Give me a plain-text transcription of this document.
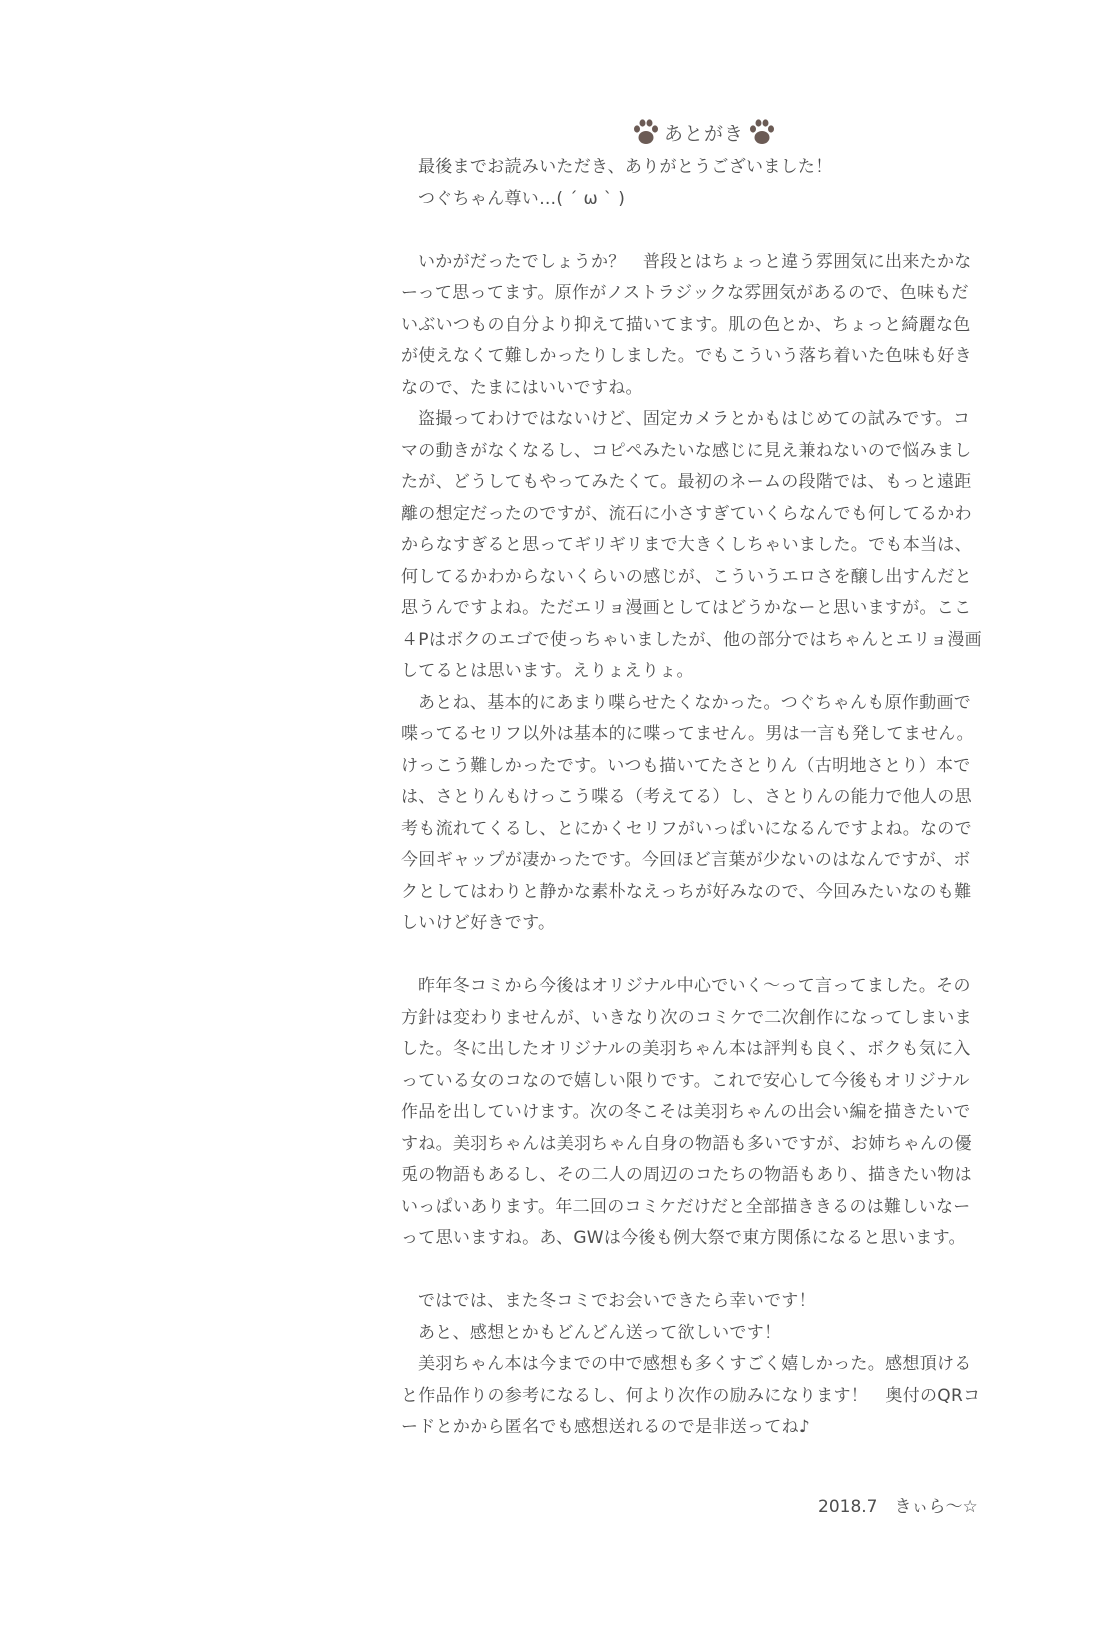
あとがき
最後までお読みいただき、ありがとうございました！
つぐちゃん尊い…( ´ ω ` )
いかがだったでしょうか？　普段とはちょっと違う雰囲気に出来たかな
ーって思ってます。原作がノストラジックな雰囲気があるので、色味もだ
いぶいつもの自分より抑えて描いてます。肌の色とか、ちょっと綺麗な色
が使えなくて難しかったりしました。でもこういう落ち着いた色味も好き
なので、たまにはいいですね。
盗撮ってわけではないけど、固定カメラとかもはじめての試みです。コ
マの動きがなくなるし、コピペみたいな感じに見え兼ねないので悩みまし
たが、どうしてもやってみたくて。最初のネームの段階では、もっと遠距
離の想定だったのですが、流石に小さすぎていくらなんでも何してるかわ
からなすぎると思ってギリギリまで大きくしちゃいました。でも本当は、
何してるかわからないくらいの感じが、こういうエロさを醸し出すんだと
思うんですよね。ただエリョ漫画としてはどうかなーと思いますが。ここ
４Pはボクのエゴで使っちゃいましたが、他の部分ではちゃんとエリョ漫画
してるとは思います。えりょえりょ。
あとね、基本的にあまり喋らせたくなかった。つぐちゃんも原作動画で
喋ってるセリフ以外は基本的に喋ってません。男は一言も発してません。
けっこう難しかったです。いつも描いてたさとりん（古明地さとり）本で
は、さとりんもけっこう喋る（考えてる）し、さとりんの能力で他人の思
考も流れてくるし、とにかくセリフがいっぱいになるんですよね。なので
今回ギャップが凄かったです。今回ほど言葉が少ないのはなんですが、ボ
クとしてはわりと静かな素朴なえっちが好みなので、今回みたいなのも難
しいけど好きです。
昨年冬コミから今後はオリジナル中心でいく～って言ってました。その
方針は変わりませんが、いきなり次のコミケで二次創作になってしまいま
した。冬に出したオリジナルの美羽ちゃん本は評判も良く、ボクも気に入
っている女のコなので嬉しい限りです。これで安心して今後もオリジナル
作品を出していけます。次の冬こそは美羽ちゃんの出会い編を描きたいで
すね。美羽ちゃんは美羽ちゃん自身の物語も多いですが、お姉ちゃんの優
兎の物語もあるし、その二人の周辺のコたちの物語もあり、描きたい物は
いっぱいあります。年二回のコミケだけだと全部描ききるのは難しいなー
って思いますね。あ、GWは今後も例大祭で東方関係になると思います。
ではでは、また冬コミでお会いできたら幸いです！
あと、感想とかもどんどん送って欲しいです！
美羽ちゃん本は今までの中で感想も多くすごく嬉しかった。感想頂ける
と作品作りの参考になるし、何より次作の励みになります！　奥付のQRコ
ードとかから匿名でも感想送れるので是非送ってね♪
2018.7　きぃら～☆
